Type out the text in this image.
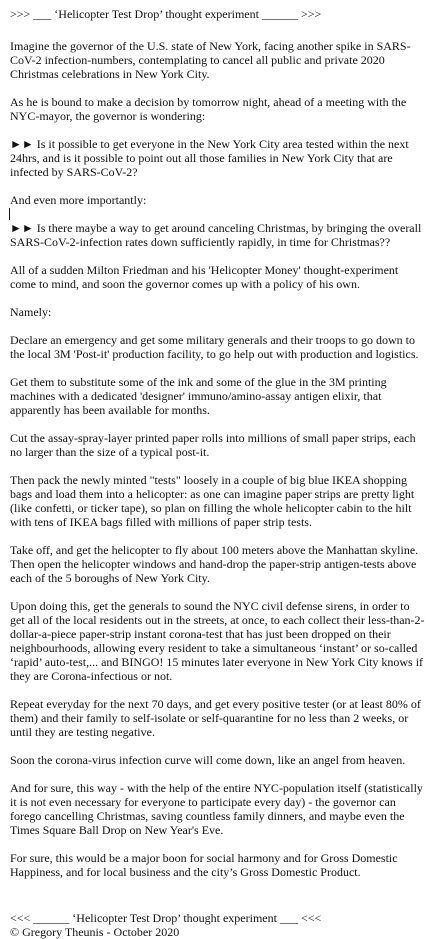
>>> ___ ‘Helicopter Test Drop’ thought experiment ______ >>>

Imagine the governor of the U.S. state of New York, facing another spike in SARS-CoV-2 infection-numbers, contemplating to cancel all public and private 2020 Christmas celebrations in New York City.

As he is bound to make a decision by tomorrow night, ahead of a meeting with the NYC-mayor, the governor is wondering:

►► Is it possible to get everyone in the New York City area tested within the next 24hrs, and is it possible to point out all those families in New York City that are infected by SARS-CoV-2?

And even more importantly:

►► Is there maybe a way to get around canceling Christmas, by bringing the overall SARS-CoV-2-infection rates down sufficiently rapidly, in time for Christmas??

All of a sudden Milton Friedman and his 'Helicopter Money' thought-experiment come to mind, and soon the governor comes up with a policy of his own.

Namely:

Declare an emergency and get some military generals and their troops to go down to the local 3M 'Post-it' production facility, to go help out with production and logistics.

Get them to substitute some of the ink and some of the glue in the 3M printing machines with a dedicated 'designer' immuno/amino-assay antigen elixir, that apparently has been available for months.

Cut the assay-spray-layer printed paper rolls into millions of small paper strips, each no larger than the size of a typical post-it.

Then pack the newly minted "tests" loosely in a couple of big blue IKEA shopping bags and load them into a helicopter: as one can imagine paper strips are pretty light (like confetti, or ticker tape), so plan on filling the whole helicopter cabin to the hilt with tens of IKEA bags filled with millions of paper strip tests.

Take off, and get the helicopter to fly about 100 meters above the Manhattan skyline. Then open the helicopter windows and hand-drop the paper-strip antigen-tests above each of the 5 boroughs of New York City.

Upon doing this, get the generals to sound the NYC civil defense sirens, in order to get all of the local residents out in the streets, at once, to each collect their less-than-2-dollar-a-piece paper-strip instant corona-test that has just been dropped on their neighbourhoods, allowing every resident to take a simultaneous ‘instant’ or so-called ‘rapid’ auto-test,... and BINGO! 15 minutes later everyone in New York City knows if they are Corona-infectious or not.

Repeat everyday for the next 70 days, and get every positive tester (or at least 80% of them) and their family to self-isolate or self-quarantine for no less than 2 weeks, or until they are testing negative.

Soon the corona-virus infection curve will come down, like an angel from heaven.

And for sure, this way - with the help of the entire NYC-population itself (statistically it is not even necessary for everyone to participate every day) - the governor can forego cancelling Christmas, saving countless family dinners, and maybe even the Times Square Ball Drop on New Year's Eve.

For sure, this would be a major boon for social harmony and for Gross Domestic Happiness, and for local business and the city’s Gross Domestic Product.

<<< ______ ‘Helicopter Test Drop’ thought experiment ___ <<<

© Gregory Theunis - October 2020
